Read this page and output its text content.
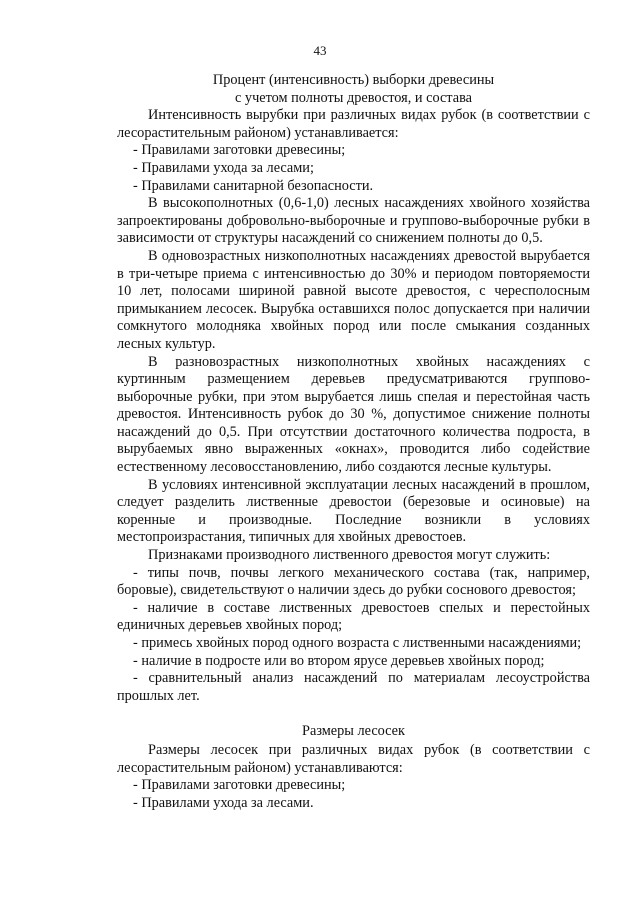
43
Процент (интенсивность) выборки древесины
с учетом полноты древостоя, и состава

Интенсивность вырубки при различных видах рубок (в соответствии с лесорастительным районом) устанавливается:

- Правилами заготовки древесины;

- Правилами ухода за лесами;

- Правилами санитарной безопасности.

В высокополнотных (0,6-1,0) лесных насаждениях хвойного хозяйства запроектированы добровольно-выборочные и группово-выборочные рубки в зависимости от структуры насаждений со снижением полноты до 0,5.

В одновозрастных низкополнотных насаждениях древостой вырубается в три-четыре приема с интенсивностью до 30% и периодом повторяемости 10 лет, полосами шириной равной высоте древостоя, с чересполосным примыканием лесосек. Вырубка оставшихся полос допускается при наличии сомкнутого молодняка хвойных пород или после смыкания созданных лесных культур.

В разновозрастных низкополнотных хвойных насаждениях с куртинным размещением деревьев предусматриваются группово-выборочные рубки, при этом вырубается лишь спелая и перестойная часть древостоя. Интенсивность рубок до 30 %, допустимое снижение полноты насаждений до 0,5. При отсутствии достаточного количества подроста, в вырубаемых явно выраженных «окнах», проводится либо содействие естественному лесовосстановлению, либо создаются лесные культуры.

В условиях интенсивной эксплуатации лесных насаждений в прошлом, следует разделить лиственные древостои (березовые и осиновые) на коренные и производные. Последние возникли в условиях местопроизрастания, типичных для хвойных древостоев.

Признаками производного лиственного древостоя могут служить:

- типы почв, почвы легкого механического состава (так, например, боровые), свидетельствуют о наличии здесь до рубки соснового древостоя;

- наличие в составе лиственных древостоев спелых и перестойных единичных деревьев хвойных пород;

- примесь хвойных пород одного возраста с лиственными насаждениями;

- наличие в подросте или во втором ярусе деревьев хвойных пород;

- сравнительный анализ насаждений по материалам лесоустройства прошлых лет.

Размеры лесосек

Размеры лесосек при различных видах рубок (в соответствии с лесорастительным районом) устанавливаются:

- Правилами заготовки древесины;

- Правилами ухода за лесами.
